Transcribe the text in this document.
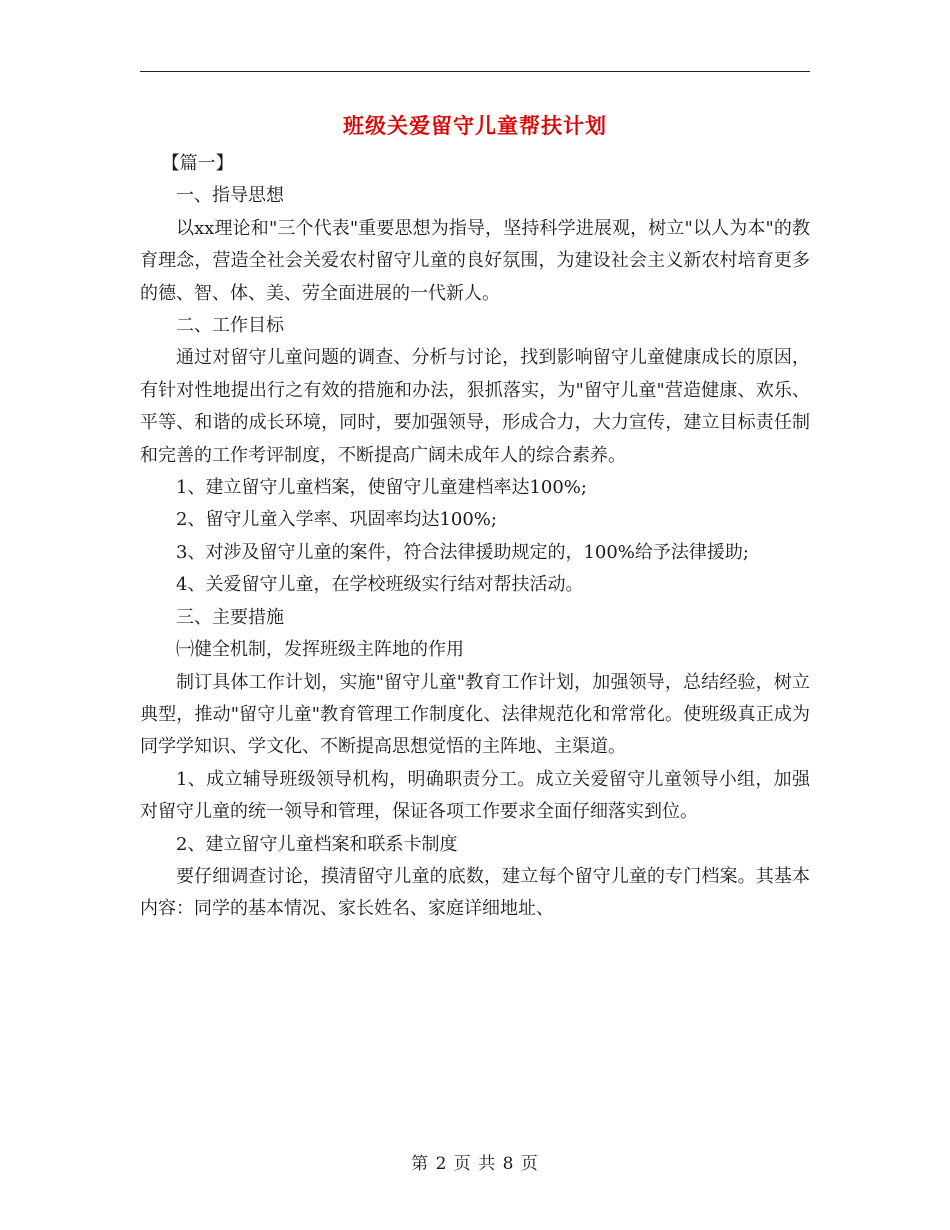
班级关爱留守儿童帮扶计划

【篇一】

一、指导思想

以xx理论和"三个代表"重要思想为指导，坚持科学进展观，树立"以人为本"的教育理念，营造全社会关爱农村留守儿童的良好氛围，为建设社会主义新农村培育更多的德、智、体、美、劳全面进展的一代新人。

二、工作目标

通过对留守儿童问题的调查、分析与讨论，找到影响留守儿童健康成长的原因，有针对性地提出行之有效的措施和办法，狠抓落实，为"留守儿童"营造健康、欢乐、平等、和谐的成长环境，同时，要加强领导，形成合力，大力宣传，建立目标责任制和完善的工作考评制度，不断提高广阔未成年人的综合素养。

1、建立留守儿童档案，使留守儿童建档率达100%;

2、留守儿童入学率、巩固率均达100%;

3、对涉及留守儿童的案件，符合法律援助规定的，100%给予法律援助;

4、关爱留守儿童，在学校班级实行结对帮扶活动。

三、主要措施

㈠健全机制，发挥班级主阵地的作用

制订具体工作计划，实施"留守儿童"教育工作计划，加强领导，总结经验，树立典型，推动"留守儿童"教育管理工作制度化、法律规范化和常常化。使班级真正成为同学学知识、学文化、不断提高思想觉悟的主阵地、主渠道。

1、成立辅导班级领导机构，明确职责分工。成立关爱留守儿童领导小组，加强对留守儿童的统一领导和管理，保证各项工作要求全面仔细落实到位。

2、建立留守儿童档案和联系卡制度

要仔细调查讨论，摸清留守儿童的底数，建立每个留守儿童的专门档案。其基本内容：同学的基本情况、家长姓名、家庭详细地址、

第 2 页 共 8 页
